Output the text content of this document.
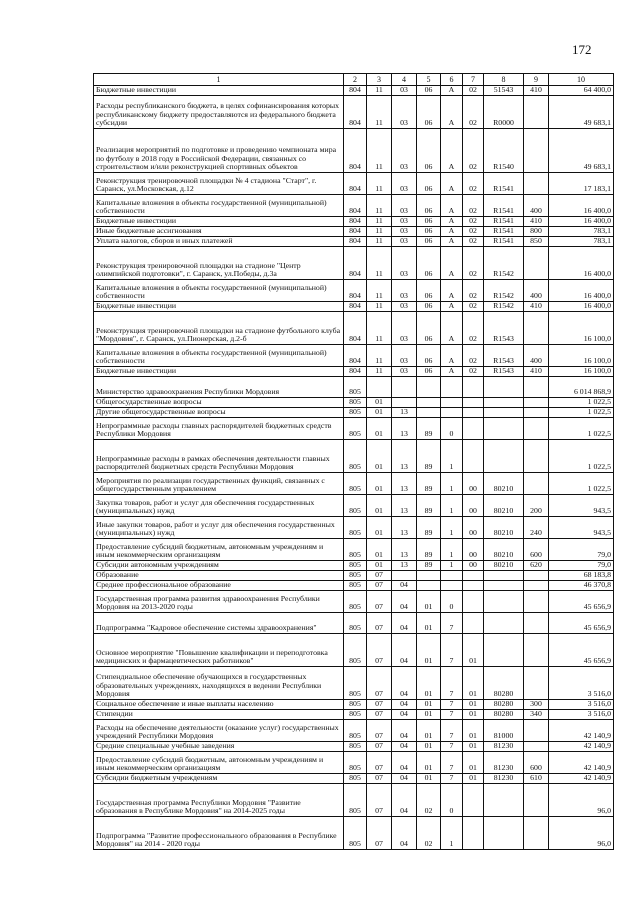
172
1	2	3	4	5	6	7	8	9	10
Бюджетные инвестиции	804	11	03	06	А	02	51543	410	64 400,0
Расходы республиканского бюджета, в целях софинансирования которых республиканскому бюджету предоставляются из федерального бюджета субсидии	804	11	03	06	А	02	R0000		49 683,1
Реализация мероприятий по подготовке и проведению чемпионата мира по футболу в 2018 году в Российской Федерации, связанных со строительством и/или реконструкцией спортивных объектов	804	11	03	06	А	02	R1540		49 683,1
Реконструкция тренировочной площадки № 4 стадиона "Старт", г. Саранск, ул.Московская, д.12	804	11	03	06	А	02	R1541		17 183,1
Капитальные вложения в объекты государственной (муниципальной) собственности	804	11	03	06	А	02	R1541	400	16 400,0
Бюджетные инвестиции	804	11	03	06	А	02	R1541	410	16 400,0
Иные бюджетные ассигнования	804	11	03	06	А	02	R1541	800	783,1
Уплата налогов, сборов и иных платежей	804	11	03	06	А	02	R1541	850	783,1
Реконструкция тренировочной площадки на стадионе "Центр олимпийской подготовки", г. Саранск, ул.Победы, д.3а	804	11	03	06	А	02	R1542		16 400,0
Капитальные вложения в объекты государственной (муниципальной) собственности	804	11	03	06	А	02	R1542	400	16 400,0
Бюджетные инвестиции	804	11	03	06	А	02	R1542	410	16 400,0
Реконструкция тренировочной площадки на стадионе футбольного клуба "Мордовия", г. Саранск, ул.Пионерская, д.2-б	804	11	03	06	А	02	R1543		16 100,0
Капитальные вложения в объекты государственной (муниципальной) собственности	804	11	03	06	А	02	R1543	400	16 100,0
Бюджетные инвестиции	804	11	03	06	А	02	R1543	410	16 100,0
Министерство здравоохранения Республики Мордовия	805								6 014 868,9
Общегосударственные вопросы	805	01							1 022,5
Другие общегосударственные вопросы	805	01	13						1 022,5
Непрограммные расходы главных распорядителей бюджетных средств Республики Мордовия	805	01	13	89	0				1 022,5
Непрограммные расходы в рамках обеспечения деятельности главных распорядителей бюджетных средств Республики Мордовия	805	01	13	89	1				1 022,5
Мероприятия по реализации государственных функций, связанных с общегосударственным управлением	805	01	13	89	1	00	80210		1 022,5
Закупка товаров, работ и услуг для обеспечения государственных (муниципальных) нужд	805	01	13	89	1	00	80210	200	943,5
Иные закупки товаров, работ и услуг для обеспечения государственных (муниципальных) нужд	805	01	13	89	1	00	80210	240	943,5
Предоставление субсидий бюджетным, автономным учреждениям и иным некоммерческим организациям	805	01	13	89	1	00	80210	600	79,0
Субсидии автономным учреждениям	805	01	13	89	1	00	80210	620	79,0
Образование	805	07							68 183,8
Среднее профессиональное образование	805	07	04						46 370,8
Государственная программа развития здравоохранения Республики Мордовия на 2013-2020 годы	805	07	04	01	0				45 656,9
Подпрограмма "Кадровое обеспечение системы здравоохранения"	805	07	04	01	7				45 656,9
Основное мероприятие "Повышение квалификации и переподготовка медицинских и фармацевтических работников"	805	07	04	01	7	01			45 656,9
Стипендиальное обеспечение обучающихся в государственных образовательных учреждениях, находящихся в ведении Республики Мордовия	805	07	04	01	7	01	80280		3 516,0
Социальное обеспечение и иные выплаты населению	805	07	04	01	7	01	80280	300	3 516,0
Стипендии	805	07	04	01	7	01	80280	340	3 516,0
Расходы на обеспечение деятельности (оказание услуг) государственных учреждений Республики Мордовия	805	07	04	01	7	01	81000		42 140,9
Средние специальные учебные заведения	805	07	04	01	7	01	81230		42 140,9
Предоставление субсидий бюджетным, автономным учреждениям и иным некоммерческим организациям	805	07	04	01	7	01	81230	600	42 140,9
Субсидии бюджетным учреждениям	805	07	04	01	7	01	81230	610	42 140,9
Государственная программа Республики Мордовия "Развитие образования в Республике Мордовия" на 2014-2025 годы	805	07	04	02	0				96,0
Подпрограмма "Развитие профессионального образования в Республике Мордовия" на 2014 - 2020 годы	805	07	04	02	1				96,0
